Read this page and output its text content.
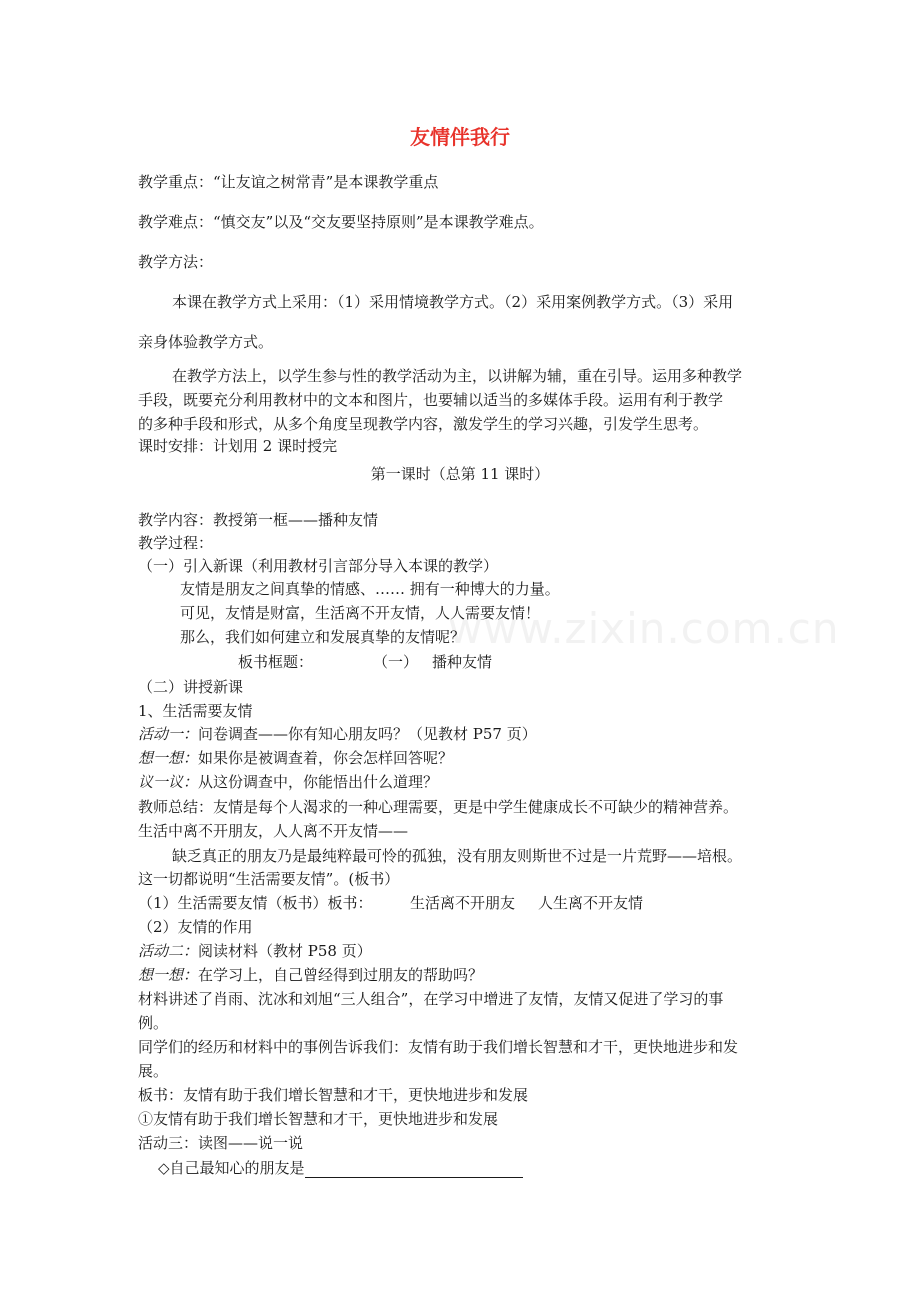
www.zixin.com.cn
友情伴我行
教学重点：“让友谊之树常青”是本课教学重点
教学难点：“慎交友”以及“交友要坚持原则”是本课教学难点。
教学方法：
本课在教学方式上采用：（1）采用情境教学方式。（2）采用案例教学方式。（3）采用
亲身体验教学方式。
在教学方法上，以学生参与性的教学活动为主，以讲解为辅，重在引导。运用多种教学
手段，既要充分利用教材中的文本和图片，也要辅以适当的多媒体手段。运用有利于教学
的多种手段和形式，从多个角度呈现教学内容，激发学生的学习兴趣，引发学生思考。
课时安排：计划用 2 课时授完
第一课时（总第 11 课时）
教学内容：教授第一框——播种友情
教学过程：
（一）引入新课（利用教材引言部分导入本课的教学）
友情是朋友之间真挚的情感、…… 拥有一种博大的力量。
可见，友情是财富，生活离不开友情，人人需要友情！
那么，我们如何建立和发展真挚的友情呢？
板书框题：	（一） 播种友情
（二）讲授新课
1、生活需要友情
活动一：问卷调查——你有知心朋友吗？（见教材 P57 页）
想一想：如果你是被调查着，你会怎样回答呢？
议一议：从这份调查中，你能悟出什么道理？
教师总结：友情是每个人渴求的一种心理需要，更是中学生健康成长不可缺少的精神营养。
生活中离不开朋友，人人离不开友情——
缺乏真正的朋友乃是最纯粹最可怜的孤独，没有朋友则斯世不过是一片荒野——培根。
这一切都说明“生活需要友情”。(板书）
（1）生活需要友情（板书）板书： 生活离不开朋友 人生离不开友情
（2）友情的作用
活动二：阅读材料（教材 P58 页）
想一想：在学习上，自己曾经得到过朋友的帮助吗？
材料讲述了肖雨、沈冰和刘旭“三人组合”，在学习中增进了友情，友情又促进了学习的事
例。
同学们的经历和材料中的事例告诉我们：友情有助于我们增长智慧和才干，更快地进步和发
展。
板书：友情有助于我们增长智慧和才干，更快地进步和发展
①友情有助于我们增长智慧和才干，更快地进步和发展
活动三：读图——说一说
◇自己最知心的朋友是
